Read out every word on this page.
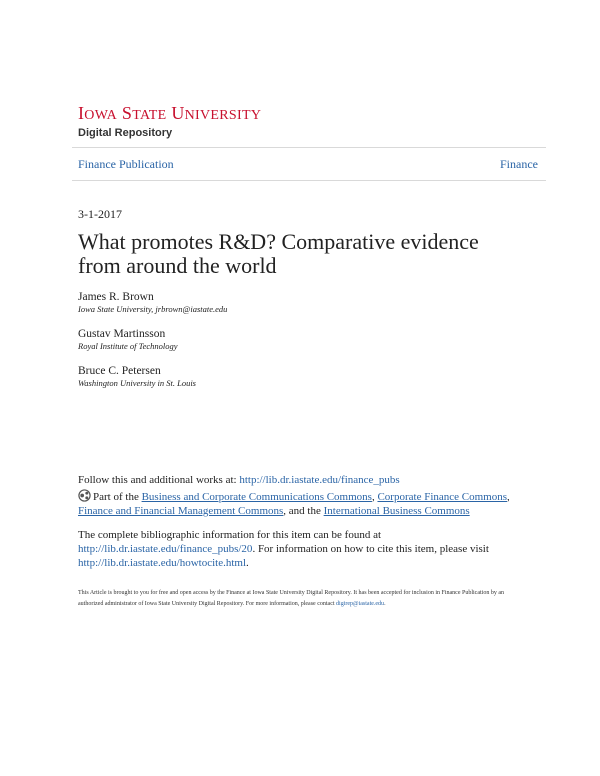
IOWA STATE UNIVERSITY
Digital Repository
Finance Publication	Finance
3-1-2017
What promotes R&D? Comparative evidence from around the world
James R. Brown
Iowa State University, jrbrown@iastate.edu
Gustav Martinsson
Royal Institute of Technology
Bruce C. Petersen
Washington University in St. Louis
Follow this and additional works at: http://lib.dr.iastate.edu/finance_pubs
Part of the Business and Corporate Communications Commons, Corporate Finance Commons, Finance and Financial Management Commons, and the International Business Commons
The complete bibliographic information for this item can be found at http://lib.dr.iastate.edu/finance_pubs/20. For information on how to cite this item, please visit http://lib.dr.iastate.edu/howtocite.html.
This Article is brought to you for free and open access by the Finance at Iowa State University Digital Repository. It has been accepted for inclusion in Finance Publication by an authorized administrator of Iowa State University Digital Repository. For more information, please contact digirep@iastate.edu.
